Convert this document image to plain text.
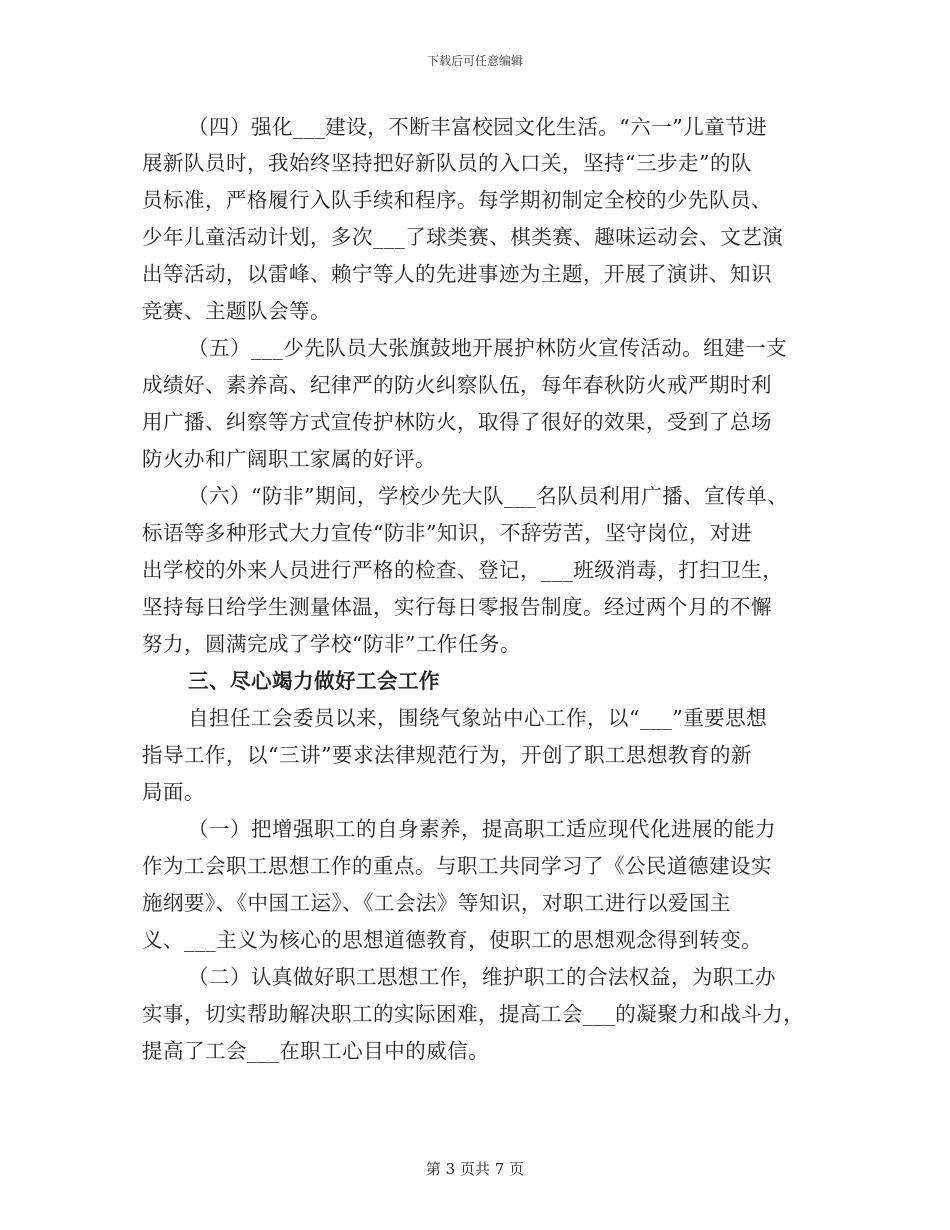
下载后可任意编辑
（四）强化___建设，不断丰富校园文化生活。“六一”儿童节进
展新队员时，我始终坚持把好新队员的入口关，坚持“三步走”的队
员标准，严格履行入队手续和程序。每学期初制定全校的少先队员、
少年儿童活动计划，多次___了球类赛、棋类赛、趣味运动会、文艺演
出等活动，以雷峰、赖宁等人的先进事迹为主题，开展了演讲、知识
竞赛、主题队会等。
（五）___少先队员大张旗鼓地开展护林防火宣传活动。组建一支
成绩好、素养高、纪律严的防火纠察队伍，每年春秋防火戒严期时利
用广播、纠察等方式宣传护林防火，取得了很好的效果，受到了总场
防火办和广阔职工家属的好评。
（六）“防非”期间，学校少先大队___名队员利用广播、宣传单、
标语等多种形式大力宣传“防非”知识，不辞劳苦，坚守岗位，对进
出学校的外来人员进行严格的检查、登记，___班级消毒，打扫卫生，
坚持每日给学生测量体温，实行每日零报告制度。经过两个月的不懈
努力，圆满完成了学校“防非”工作任务。
三、尽心竭力做好工会工作
自担任工会委员以来，围绕气象站中心工作，以“___”重要思想
指导工作，以“三讲”要求法律规范行为，开创了职工思想教育的新
局面。
（一）把增强职工的自身素养，提高职工适应现代化进展的能力
作为工会职工思想工作的重点。与职工共同学习了《公民道德建设实
施纲要》、《中国工运》、《工会法》等知识，对职工进行以爱国主
义、___主义为核心的思想道德教育，使职工的思想观念得到转变。
（二）认真做好职工思想工作，维护职工的合法权益，为职工办
实事，切实帮助解决职工的实际困难，提高工会___的凝聚力和战斗力，
提高了工会___在职工心目中的威信。
第 3 页共 7 页
